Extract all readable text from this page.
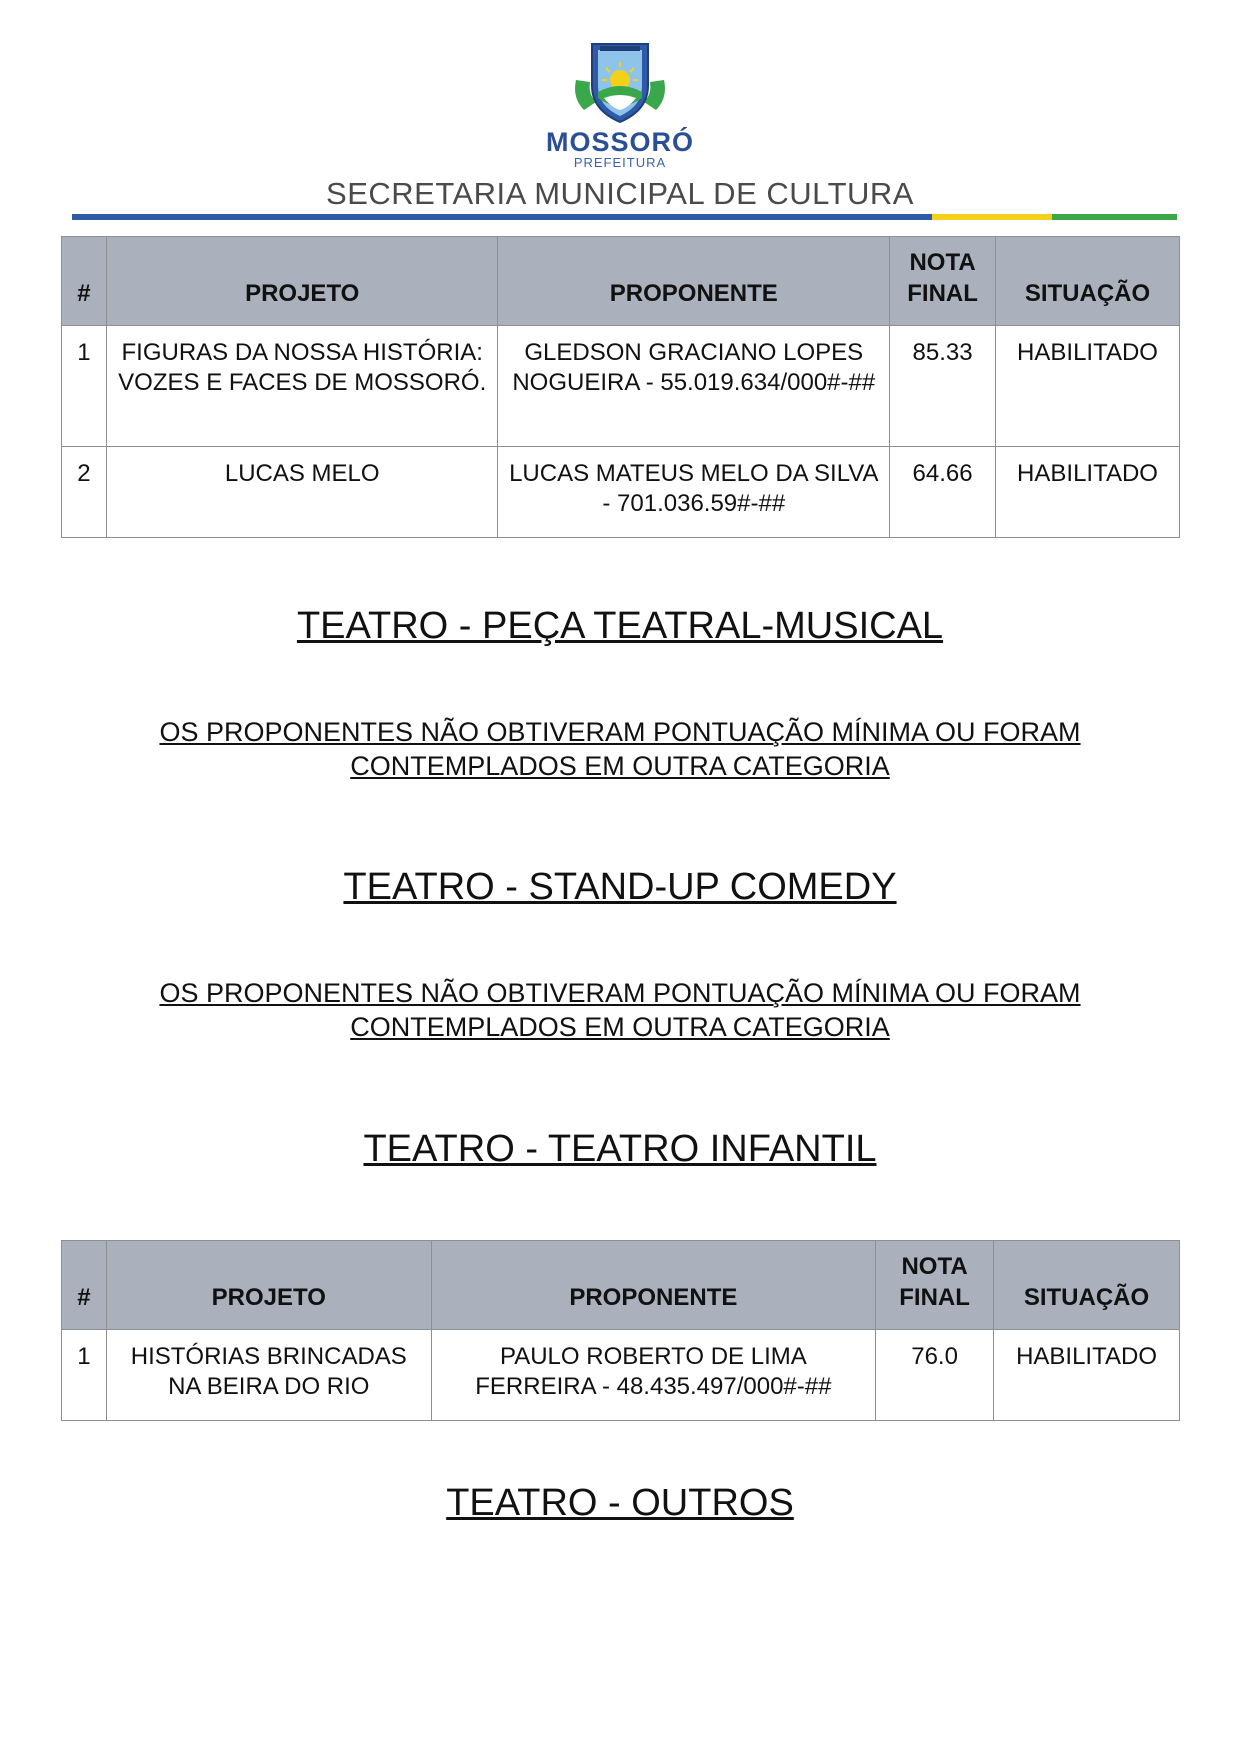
MOSSORÓ
PREFEITURA
SECRETARIA MUNICIPAL DE CULTURA
#	PROJETO	PROPONENTE	NOTA FINAL	SITUAÇÃO
1	FIGURAS DA NOSSA HISTÓRIA: VOZES E FACES DE MOSSORÓ.	GLEDSON GRACIANO LOPES NOGUEIRA - 55.019.634/000#-##	85.33	HABILITADO
2	LUCAS MELO	LUCAS MATEUS MELO DA SILVA - 701.036.59#-##	64.66	HABILITADO
TEATRO - PEÇA TEATRAL-MUSICAL
OS PROPONENTES NÃO OBTIVERAM PONTUAÇÃO MÍNIMA OU FORAM CONTEMPLADOS EM OUTRA CATEGORIA
TEATRO - STAND-UP COMEDY
OS PROPONENTES NÃO OBTIVERAM PONTUAÇÃO MÍNIMA OU FORAM CONTEMPLADOS EM OUTRA CATEGORIA
TEATRO - TEATRO INFANTIL
#	PROJETO	PROPONENTE	NOTA FINAL	SITUAÇÃO
1	HISTÓRIAS BRINCADAS NA BEIRA DO RIO	PAULO ROBERTO DE LIMA FERREIRA - 48.435.497/000#-##	76.0	HABILITADO
TEATRO - OUTROS
